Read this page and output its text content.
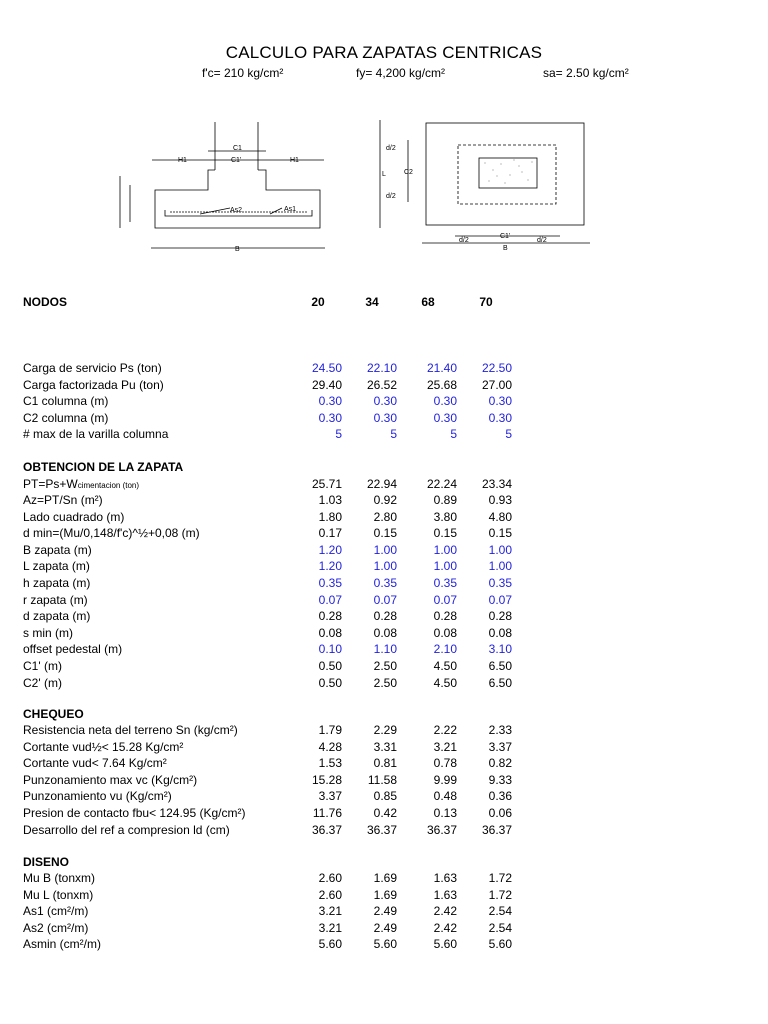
CALCULO PARA ZAPATAS CENTRICAS
f'c= 210 kg/cm²	fy= 4,200 kg/cm²	sa= 2.50 kg/cm²
As2	As1
C1
C1'
H1	H1
B
d/2
d/2
d/2	d/2
C1'
B
L	C2
NODOS	20	34	68	70
Carga de servicio Ps (ton)	24.50	22.10	21.40	22.50
Carga factorizada Pu (ton)	29.40	26.52	25.68	27.00
C1 columna (m)	0.30	0.30	0.30	0.30
C2 columna (m)	0.30	0.30	0.30	0.30
# max de la varilla columna	5	5	5	5
OBTENCION DE LA ZAPATA
PT=Ps+Wcimentacion (ton)	25.71	22.94	22.24	23.34
Az=PT/Sn (m²)	1.03	0.92	0.89	0.93
Lado cuadrado (m)	1.80	2.80	3.80	4.80
d min=(Mu/0,148/f'c)^½+0,08 (m)	0.17	0.15	0.15	0.15
B zapata (m)	1.20	1.00	1.00	1.00
L zapata (m)	1.20	1.00	1.00	1.00
h zapata (m)	0.35	0.35	0.35	0.35
r zapata (m)	0.07	0.07	0.07	0.07
d zapata (m)	0.28	0.28	0.28	0.28
s min (m)	0.08	0.08	0.08	0.08
offset pedestal (m)	0.10	1.10	2.10	3.10
C1' (m)	0.50	2.50	4.50	6.50
C2' (m)	0.50	2.50	4.50	6.50
CHEQUEO
Resistencia neta del terreno Sn (kg/cm²)	1.79	2.29	2.22	2.33
Cortante vud½< 15.28 Kg/cm²	4.28	3.31	3.21	3.37
Cortante vud< 7.64 Kg/cm²	1.53	0.81	0.78	0.82
Punzonamiento max vc (Kg/cm²)	15.28	11.58	9.99	9.33
Punzonamiento vu (Kg/cm²)	3.37	0.85	0.48	0.36
Presion de contacto fbu< 124.95 (Kg/cm²)	11.76	0.42	0.13	0.06
Desarrollo del ref a compresion ld (cm)	36.37	36.37	36.37	36.37
DISENO
Mu B (tonxm)	2.60	1.69	1.63	1.72
Mu L (tonxm)	2.60	1.69	1.63	1.72
As1 (cm²/m)	3.21	2.49	2.42	2.54
As2 (cm²/m)	3.21	2.49	2.42	2.54
Asmin (cm²/m)	5.60	5.60	5.60	5.60
